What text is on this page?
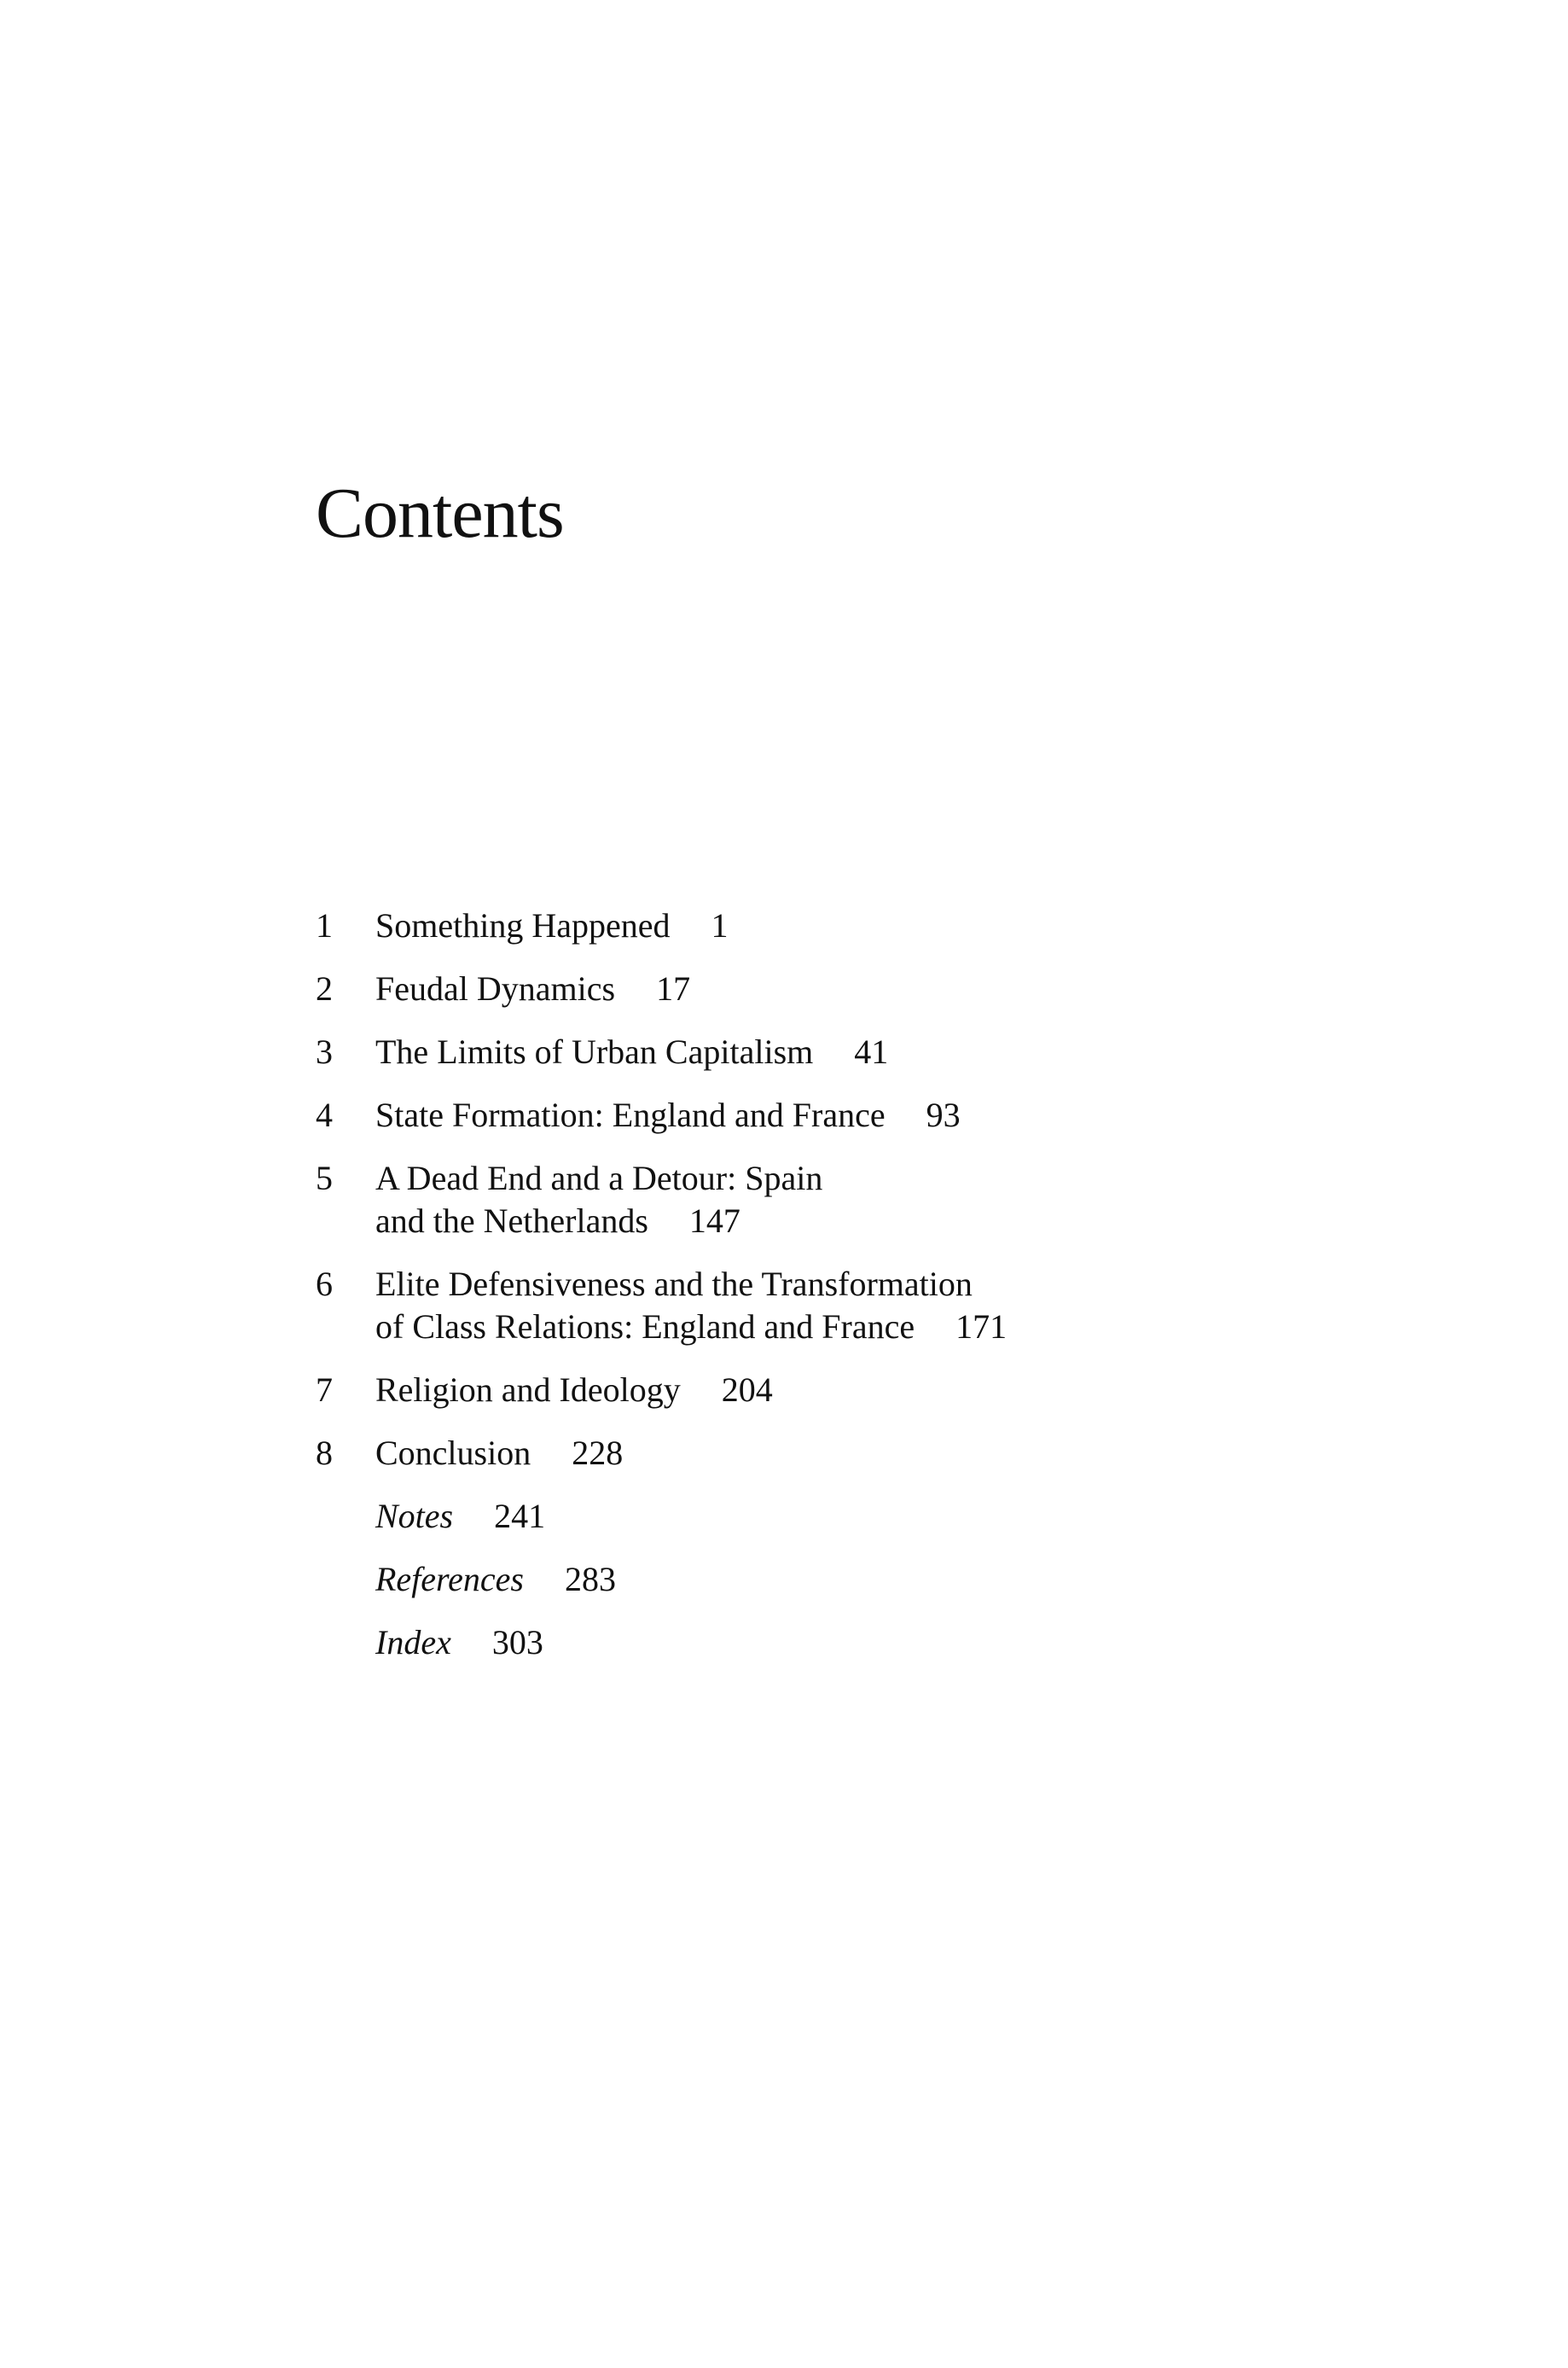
Contents
1	Something Happened 1
2	Feudal Dynamics 17
3	The Limits of Urban Capitalism 41
4	State Formation: England and France 93
5	A Dead End and a Detour: Spain
and the Netherlands 147
6	Elite Defensiveness and the Transformation
of Class Relations: England and France 171
7	Religion and Ideology 204
8	Conclusion 228
Notes 241
References 283
Index 303
